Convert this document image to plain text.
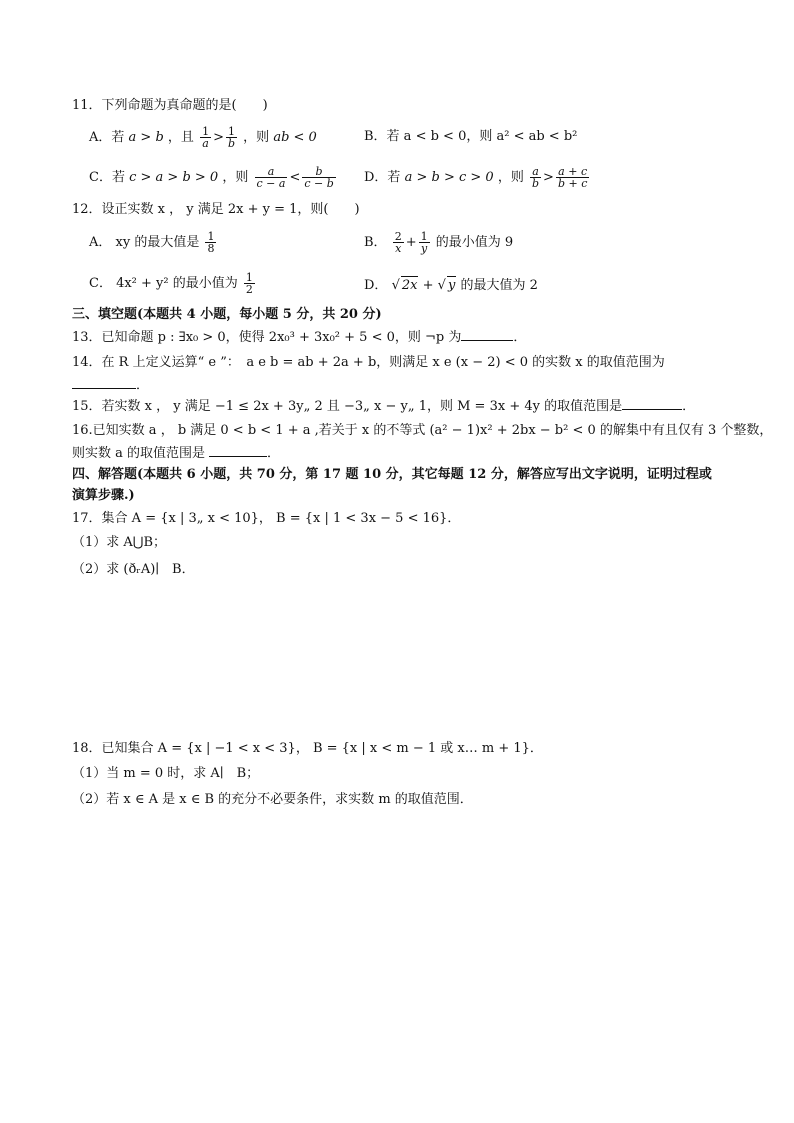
11．下列命题为真命题的是(　　)
A．若 a > b ，且 $\frac{1}{a} > \frac{1}{b}$ ，则 ab < 0	B．若 a < b < 0，则 a² < ab < b²
C．若 c > a > b > 0 ，则 $\frac{a}{c - a} < \frac{b}{c - b}$ D．若 a > b > c > 0 ，则 $\frac{a}{b} > \frac{a + c}{b + c}$
12．设正实数 x ， y 满足 2x + y = 1，则(　　)
A． xy 的最大值是 $\frac{1}{8}$	B． $\frac{2}{x} + \frac{1}{y}$ 的最小值为 9
C． 4x² + y² 的最小值为 $\frac{1}{2}$	D． √ 2x + √ y 的最大值为 2
三、填空题(本题共 4 小题，每小题 5 分，共 20 分)
13．已知命题 p : ∃x₀ > 0，使得 2x₀³ + 3x₀² + 5 < 0，则 ¬p 为	．
14．在 R 上定义运算“ e ”：　a e b = ab + 2a + b，则满足 x e (x − 2) < 0 的实数 x 的取值范围为
．
15．若实数 x ， y 满足 −1 ≤ 2x + 3y„ 2 且 −3„ x − y„ 1，则 M = 3x + 4y 的取值范围是	．
16.已知实数 a ， b 满足 0 < b < 1 + a ,若关于 x 的不等式 (a² − 1)x² + 2bx − b² < 0 的解集中有且仅有 3 个整数，
则实数 a 的取值范围是	．
四、解答题(本题共 6 小题，共 70 分，第 17 题 10 分，其它每题 12 分，解答应写出文字说明，证明过程或
演算步骤.)
17．集合 A = {x | 3„ x < 10}， B = {x | 1 < 3x − 5 < 16}．
（1）求 A⋃B；
（2）求 (ðᵣA)∣　B．
18．已知集合 A = {x | −1 < x < 3}， B = {x | x < m − 1 或 x… m + 1}．
（1）当 m = 0 时，求 A∣　B；
（2）若 x ∈ A 是 x ∈ B 的充分不必要条件，求实数 m 的取值范围．
